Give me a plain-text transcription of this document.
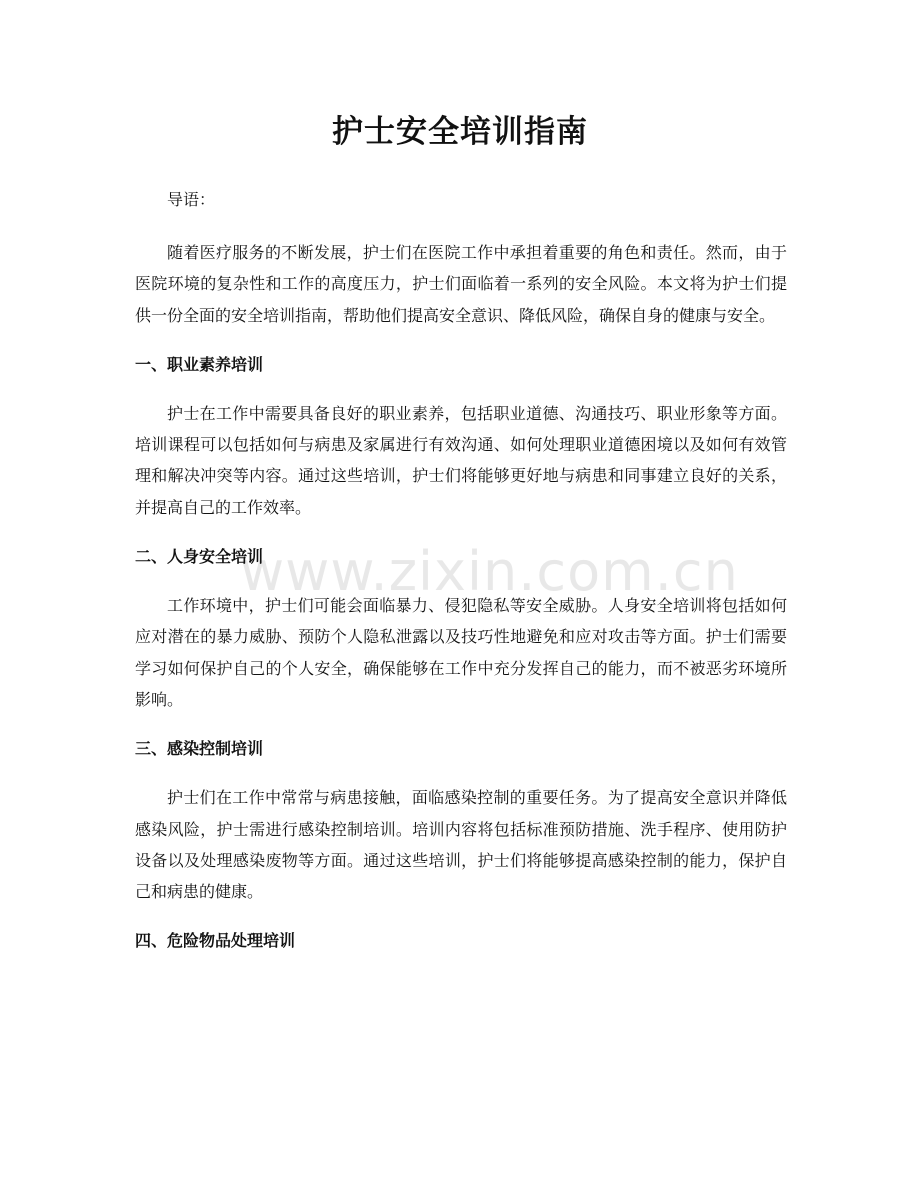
www.zixin.com.cn
护士安全培训指南

导语：

随着医疗服务的不断发展，护士们在医院工作中承担着重要的角色和责任。然而，由于医院环境的复杂性和工作的高度压力，护士们面临着一系列的安全风险。本文将为护士们提供一份全面的安全培训指南，帮助他们提高安全意识、降低风险，确保自身的健康与安全。

一、职业素养培训

护士在工作中需要具备良好的职业素养，包括职业道德、沟通技巧、职业形象等方面。培训课程可以包括如何与病患及家属进行有效沟通、如何处理职业道德困境以及如何有效管理和解决冲突等内容。通过这些培训，护士们将能够更好地与病患和同事建立良好的关系，并提高自己的工作效率。

二、人身安全培训

工作环境中，护士们可能会面临暴力、侵犯隐私等安全威胁。人身安全培训将包括如何应对潜在的暴力威胁、预防个人隐私泄露以及技巧性地避免和应对攻击等方面。护士们需要学习如何保护自己的个人安全，确保能够在工作中充分发挥自己的能力，而不被恶劣环境所影响。

三、感染控制培训

护士们在工作中常常与病患接触，面临感染控制的重要任务。为了提高安全意识并降低感染风险，护士需进行感染控制培训。培训内容将包括标准预防措施、洗手程序、使用防护设备以及处理感染废物等方面。通过这些培训，护士们将能够提高感染控制的能力，保护自己和病患的健康。

四、危险物品处理培训
